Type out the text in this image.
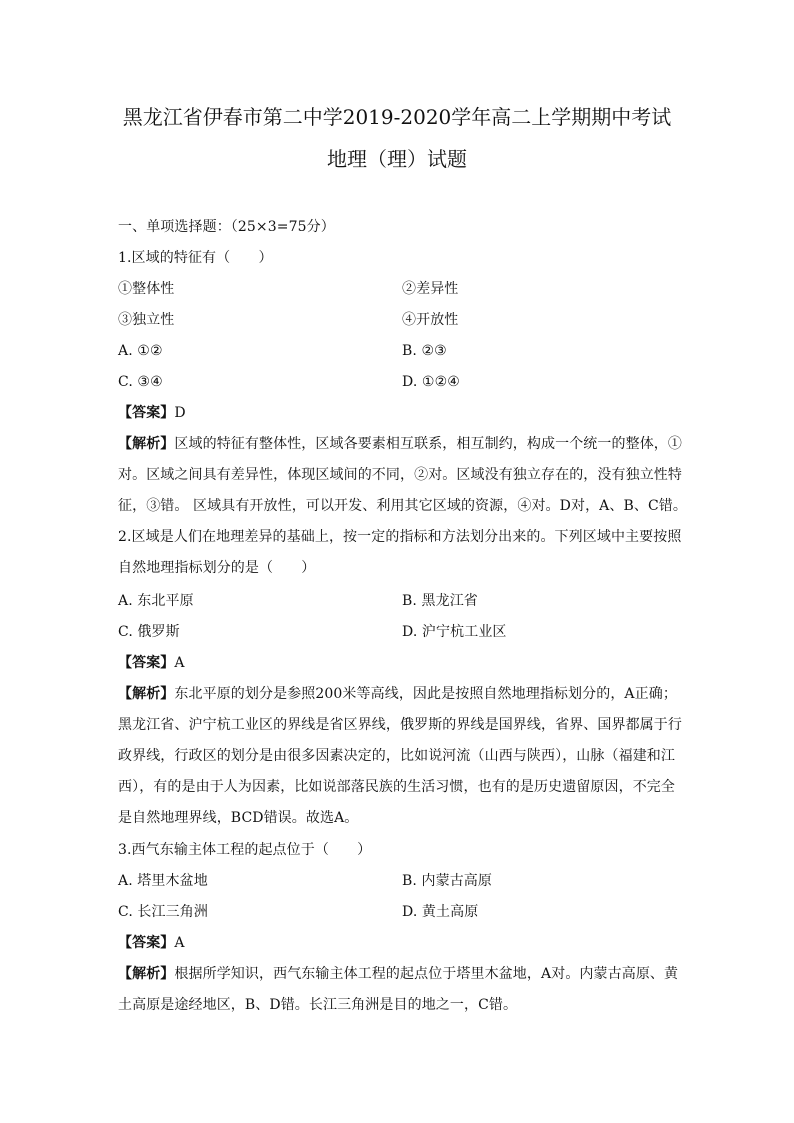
黑龙江省伊春市第二中学2019-2020学年高二上学期期中考试
地理（理）试题
一、单项选择题：（25×3=75分）
1.区域的特征有（　　）
①整体性	②差异性
③独立性	④开放性
A. ①②	B. ②③
C. ③④	D. ①②④
【答案】D
【解析】区域的特征有整体性，区域各要素相互联系，相互制约，构成一个统一的整体，①
对。区域之间具有差异性，体现区域间的不同，②对。区域没有独立存在的，没有独立性特
征，③错。 区域具有开放性，可以开发、利用其它区域的资源，④对。D对，A、B、C错。
2.区域是人们在地理差异的基础上，按一定的指标和方法划分出来的。下列区域中主要按照
自然地理指标划分的是（　　）
A. 东北平原	B. 黑龙江省
C. 俄罗斯	D. 沪宁杭工业区
【答案】A
【解析】东北平原的划分是参照200米等高线，因此是按照自然地理指标划分的，A正确；
黑龙江省、沪宁杭工业区的界线是省区界线，俄罗斯的界线是国界线，省界、国界都属于行
政界线，行政区的划分是由很多因素决定的，比如说河流（山西与陕西），山脉（福建和江
西），有的是由于人为因素，比如说部落民族的生活习惯，也有的是历史遗留原因，不完全
是自然地理界线，BCD错误。故选A。
3.西气东输主体工程的起点位于（　　）
A. 塔里木盆地	B. 内蒙古高原
C. 长江三角洲	D. 黄土高原
【答案】A
【解析】根据所学知识，西气东输主体工程的起点位于塔里木盆地，A对。内蒙古高原、黄
土高原是途经地区，B、D错。长江三角洲是目的地之一，C错。
